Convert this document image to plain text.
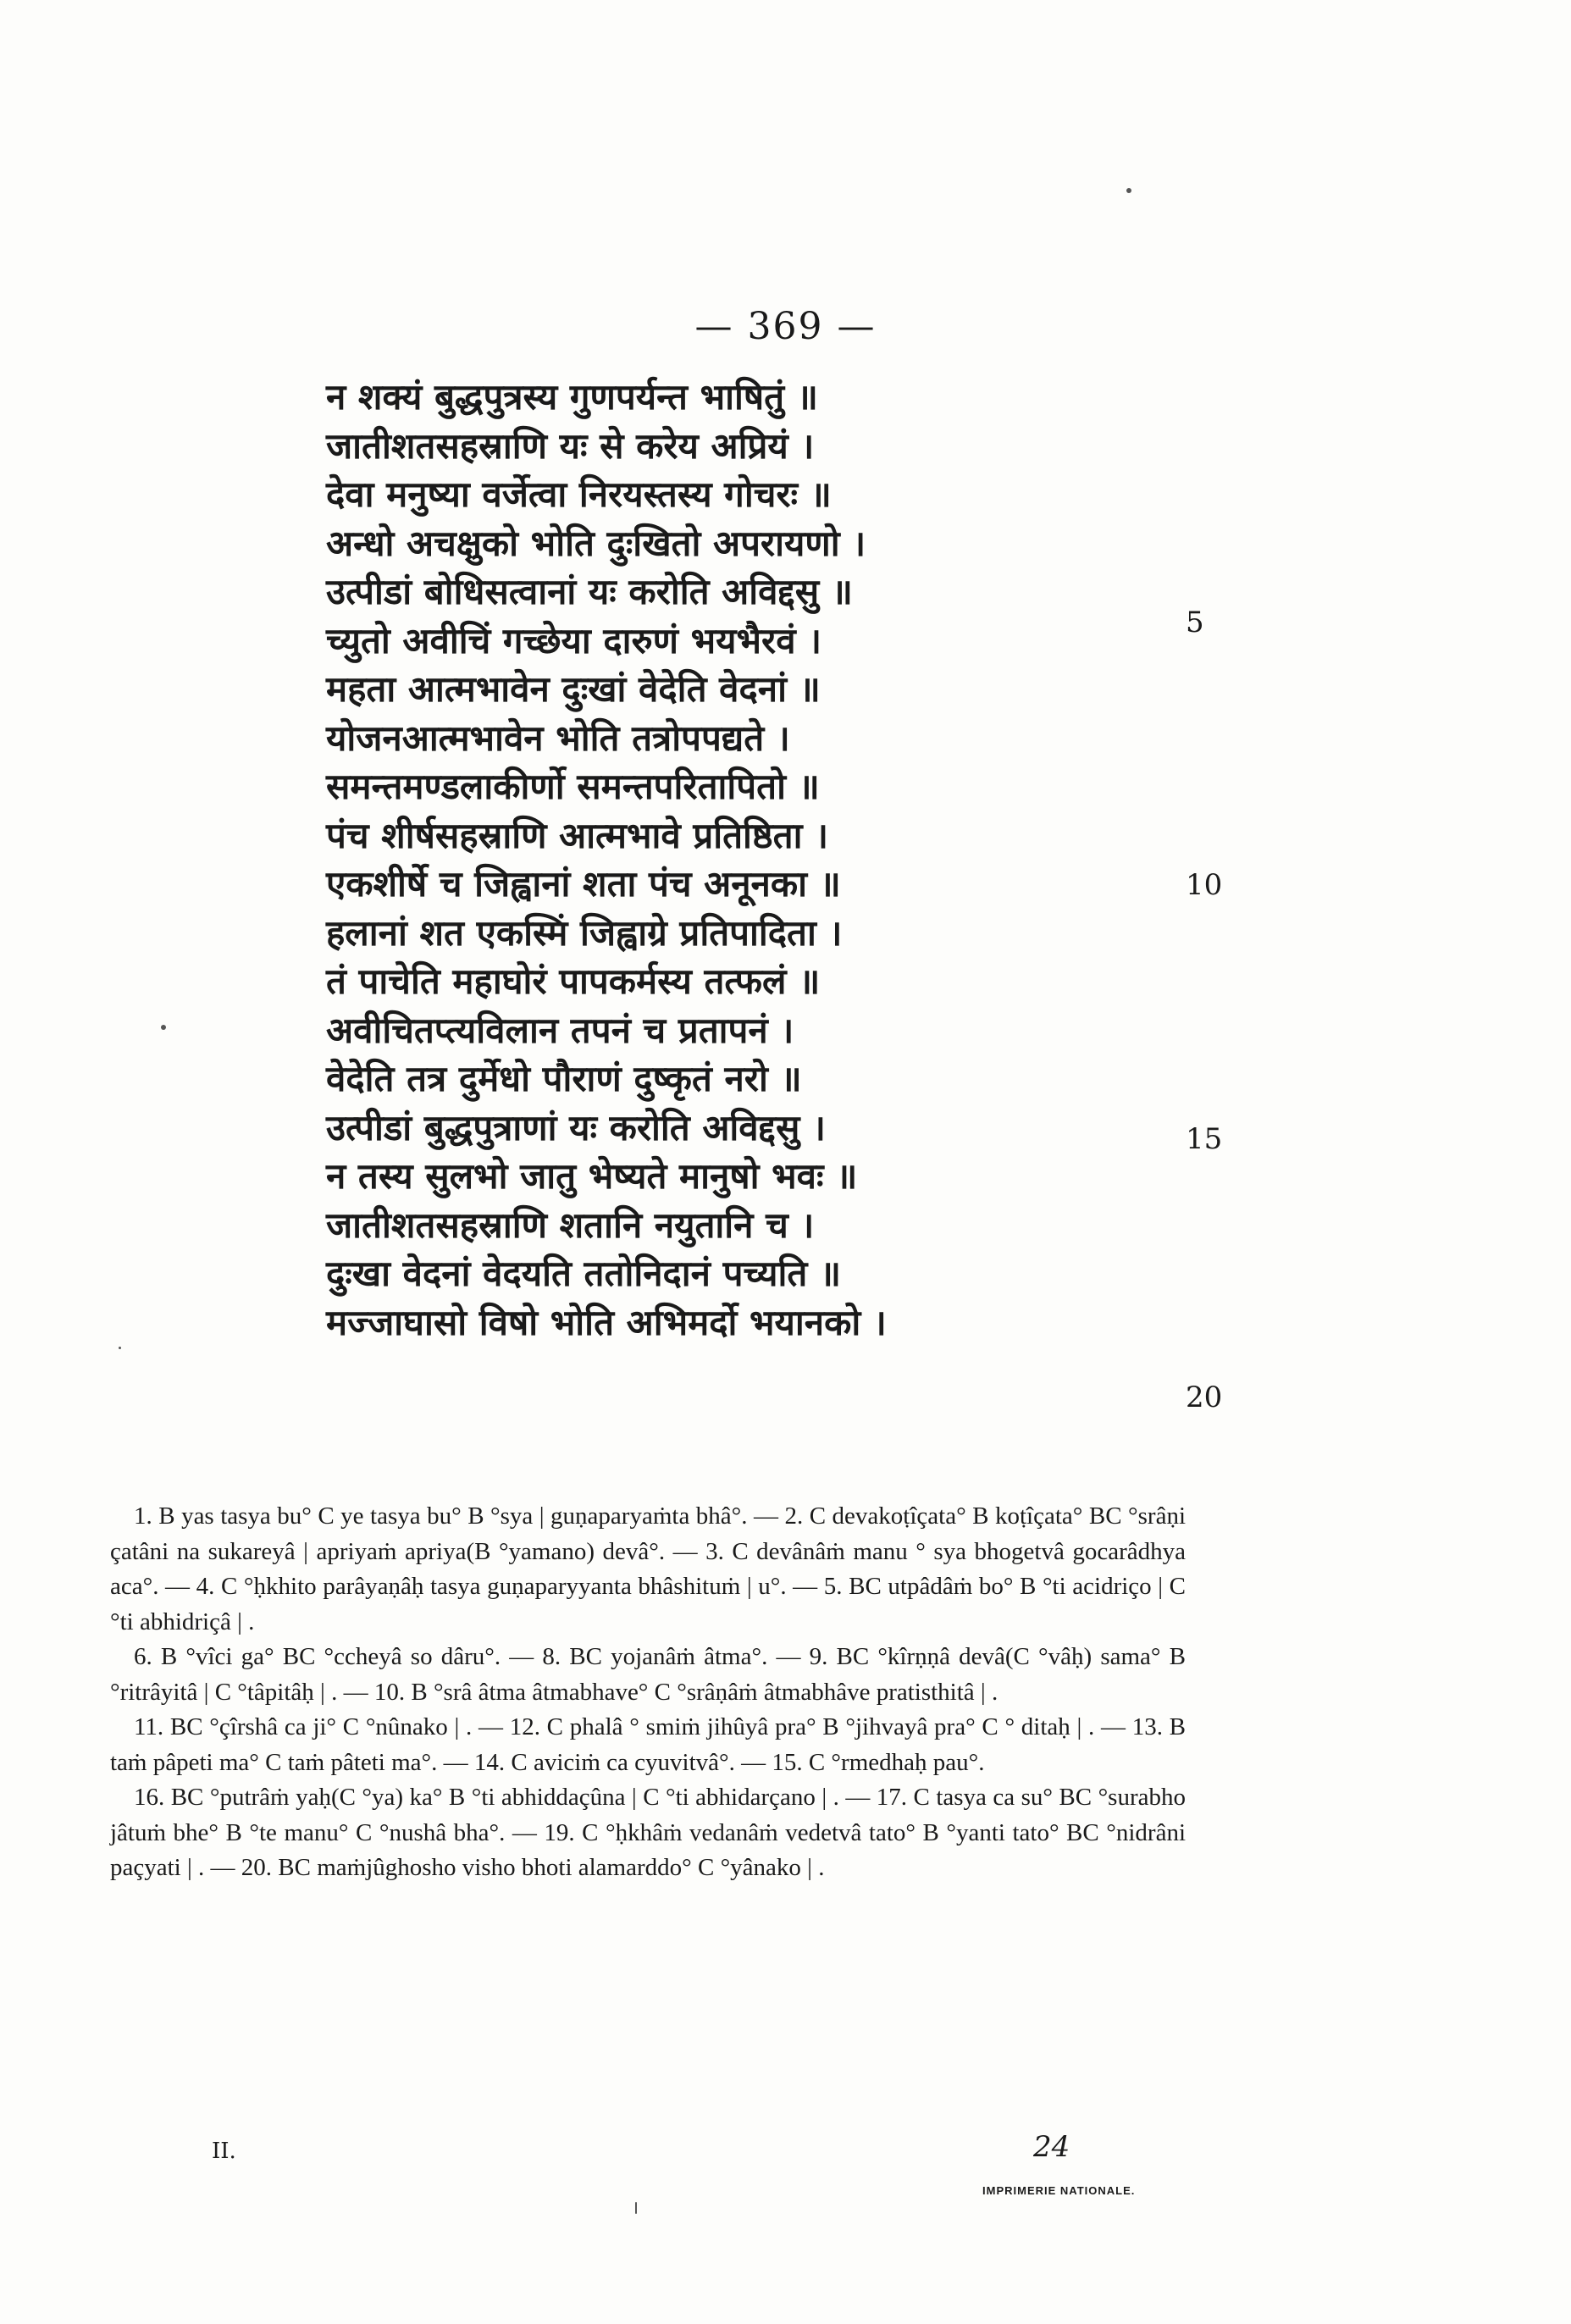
— 369 —
न शक्यं बुद्धपुत्रस्य गुणपर्यन्त भाषितुं ॥
जातीशतसहस्राणि यः से करेय अप्रियं ।
देवा मनुष्या वर्जेत्वा निरयस्तस्य गोचरः ॥
अन्धो अचक्षुको भोति दुःखितो अपरायणो ।
उत्पीडां बोधिसत्वानां यः करोति अविद्दसु ॥
च्युतो अवीचिं गच्छेया दारुणं भयभैरवं ।
महता आत्मभावेन दुःखां वेदेति वेदनां ॥
योजनआत्मभावेन भोति तत्रोपपद्यते ।
समन्तमण्डलाकीर्णो समन्तपरितापितो ॥
पंच शीर्षसहस्राणि आत्मभावे प्रतिष्ठिता ।
एकशीर्षे च जिह्वानां शता पंच अनूनका ॥
हलानां शत एकस्मिं जिह्वाग्रे प्रतिपादिता ।
तं पाचेति महाघोरं पापकर्मस्य तत्फलं ॥
अवीचितप्त्यविलान तपनं च प्रतापनं ।
वेदेति तत्र दुर्मेधो पौराणं दुष्कृतं नरो ॥
उत्पीडां बुद्धपुत्राणां यः करोति अविद्दसु ।
न तस्य सुलभो जातु भेष्यते मानुषो भवः ॥
जातीशतसहस्राणि शतानि नयुतानि च ।
दुःखा वेदनां वेदयति ततोनिदानं पच्यति ॥
मज्जाघासो विषो भोति अभिमर्दो भयानको ।
5
10
15
20

1. B yas tasya bu° C ye tasya bu° B °sya | guṇaparyaṁta bhâ°. — 2. C devakoṭîçata° B koṭîçata° BC °srâṇi çatâni na sukareyâ | apriyaṁ apriya(B °yamano) devâ°. — 3. C devânâṁ manu ° sya bhogetvâ gocarâdhya aca°. — 4. C °ḥkhito parâyaṇâḥ tasya guṇaparyyanta bhâshituṁ | u°. — 5. BC utpâdâṁ bo° B °ti acidriço | C °ti abhidriçâ | .

6. B °vîci ga° BC °ccheyâ so dâru°. — 8. BC yojanâṁ âtma°. — 9. BC °kîrṇṇâ devâ(C °vâḥ) sama° B °ritrâyitâ | C °tâpitâḥ | . — 10. B °srâ âtma âtmabhave° C °srâṇâṁ âtmabhâve pratisthitâ | .

11. BC °çîrshâ ca ji° C °nûnako | . — 12. C phalâ ° smiṁ jihûyâ pra° B °jihvayâ pra° C ° ditaḥ | . — 13. B taṁ pâpeti ma° C taṁ pâteti ma°. — 14. C aviciṁ ca cyuvitvâ°. — 15. C °rmedhaḥ pau°.

16. BC °putrâṁ yaḥ(C °ya) ka° B °ti abhiddaçûna | C °ti abhidarçano | . — 17. C tasya ca su° BC °surabho jâtuṁ bhe° B °te manu° C °nushâ bha°. — 19. C °ḥkhâṁ vedanâṁ vedetvâ tato° B °yanti tato° BC °nidrâni paçyati | . — 20. BC maṁjûghosho visho bhoti alamarddo° C °yânako | .

II.	24
IMPRIMERIE NATIONALE.
